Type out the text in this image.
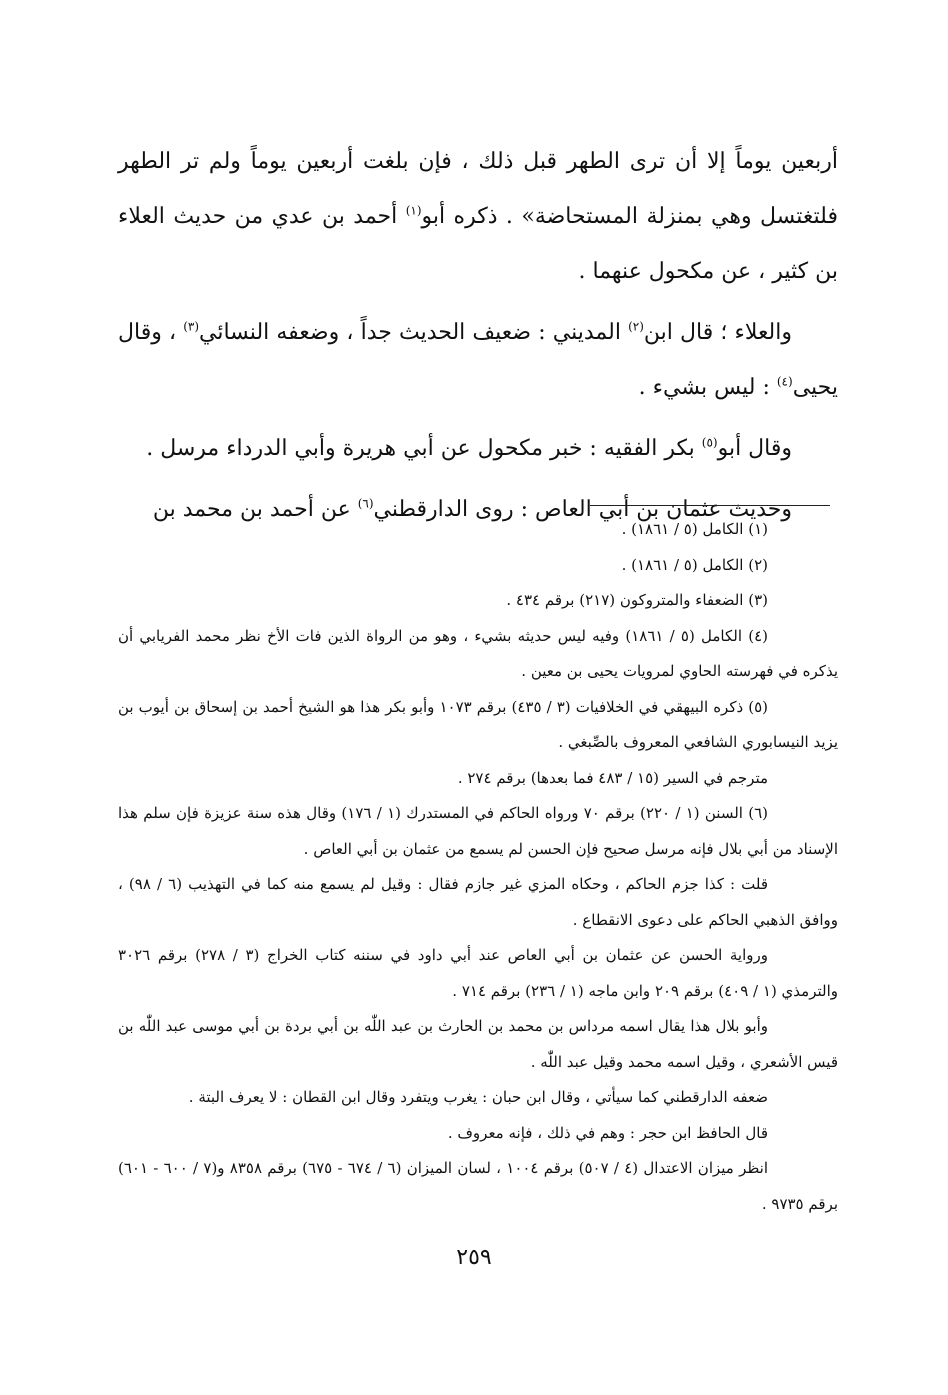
أربعين يوماً إلا أن ترى الطهر قبل ذلك ، فإن بلغت أربعين يوماً ولم تر الطهر فلتغتسل وهي بمنزلة المستحاضة» . ذكره أبو$^{(١)}$ أحمد بن عدي من حديث العلاء بن كثير ، عن مكحول عنهما .

والعلاء ؛ قال ابن$^{(٢)}$ المديني : ضعيف الحديث جداً ، وضعفه النسائي$^{(٣)}$ ، وقال يحيى$^{(٤)}$ : ليس بشيء .

وقال أبو$^{(٥)}$ بكر الفقيه : خبر مكحول عن أبي هريرة وأبي الدرداء مرسل .

وحديث عثمان بن أبي العاص : روى الدارقطني$^{(٦)}$ عن أحمد بن محمد بن

(١) الكامل (٥ / ١٨٦١) .

(٢) الكامل (٥ / ١٨٦١) .

(٣) الضعفاء والمتروكون (٢١٧) برقم ٤٣٤ .

(٤) الكامل (٥ / ١٨٦١) وفيه ليس حديثه بشيء ، وهو من الرواة الذين فات الأخ نظر محمد الفريابي أن يذكره في فهرسته الحاوي لمرويات يحيى بن معين .

(٥) ذكره البيهقي في الخلافيات (٣ / ٤٣٥) برقم ١٠٧٣ وأبو بكر هذا هو الشيخ أحمد بن إسحاق بن أيوب بن يزيد النيسابوري الشافعي المعروف بالصِّبغي .

مترجم في السير (١٥ / ٤٨٣ فما بعدها) برقم ٢٧٤ .

(٦) السنن (١ / ٢٢٠) برقم ٧٠ ورواه الحاكم في المستدرك (١ / ١٧٦) وقال هذه سنة عزيزة فإن سلم هذا الإسناد من أبي بلال فإنه مرسل صحيح فإن الحسن لم يسمع من عثمان بن أبي العاص .

قلت : كذا جزم الحاكم ، وحكاه المزي غير جازم فقال : وقيل لم يسمع منه كما في التهذيب (٦ / ٩٨) ، ووافق الذهبي الحاكم على دعوى الانقطاع .

ورواية الحسن عن عثمان بن أبي العاص عند أبي داود في سننه كتاب الخراج (٣ / ٢٧٨) برقم ٣٠٢٦ والترمذي (١ / ٤٠٩) برقم ٢٠٩ وابن ماجه (١ / ٢٣٦) برقم ٧١٤ .

وأبو بلال هذا يقال اسمه مرداس بن محمد بن الحارث بن عبد اللّٰه بن أبي بردة بن أبي موسى عبد اللّٰه بن قيس الأشعري ، وقيل اسمه محمد وقيل عبد اللّٰه .

ضعفه الدارقطني كما سيأتي ، وقال ابن حبان : يغرب ويتفرد وقال ابن القطان : لا يعرف البتة .

قال الحافظ ابن حجر : وهم في ذلك ، فإنه معروف .

انظر ميزان الاعتدال (٤ / ٥٠٧) برقم ١٠٠٤ ، لسان الميزان (٦ / ٦٧٤ - ٦٧٥) برقم ٨٣٥٨ و(٧ / ٦٠٠ - ٦٠١) برقم ٩٧٣٥ .

٢٥٩
